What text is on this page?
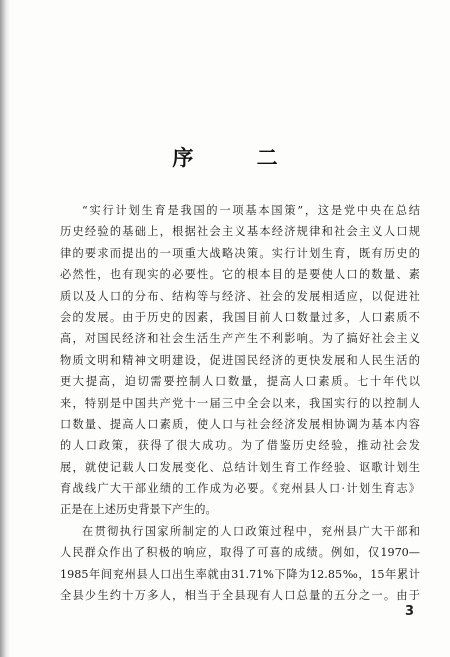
序 二
“实行计划生育是我国的一项基本国策”，这是党中央在总结
历史经验的基础上，根据社会主义基本经济规律和社会主义人口规
律的要求而提出的一项重大战略决策。实行计划生育，既有历史的
必然性，也有现实的必要性。它的根本目的是要使人口的数量、素
质以及人口的分布、结构等与经济、社会的发展相适应，以促进社
会的发展。由于历史的因素，我国目前人口数量过多，人口素质不
高，对国民经济和社会生活生产产生不利影响。为了搞好社会主义
物质文明和精神文明建设，促进国民经济的更快发展和人民生活的
更大提高，迫切需要控制人口数量，提高人口素质。七十年代以
来，特别是中国共产党十一届三中全会以来，我国实行的以控制人
口数量、提高人口素质，使人口与社会经济发展相协调为基本内容
的人口政策，获得了很大成功。为了借鉴历史经验，推动社会发
展，就使记载人口发展变化、总结计划生育工作经验、讴歌计划生
育战线广大干部业绩的工作成为必要。《兖州县人口·计划生育志》
正是在上述历史背景下产生的。
在贯彻执行国家所制定的人口政策过程中，兖州县广大干部和
人民群众作出了积极的响应，取得了可喜的成绩。例如，仅1970—
1985年间兖州县人口出生率就由31.71%下降为12.85‰，15年累计
全县少生约十万多人，相当于全县现有人口总量的五分之一。由于
3
